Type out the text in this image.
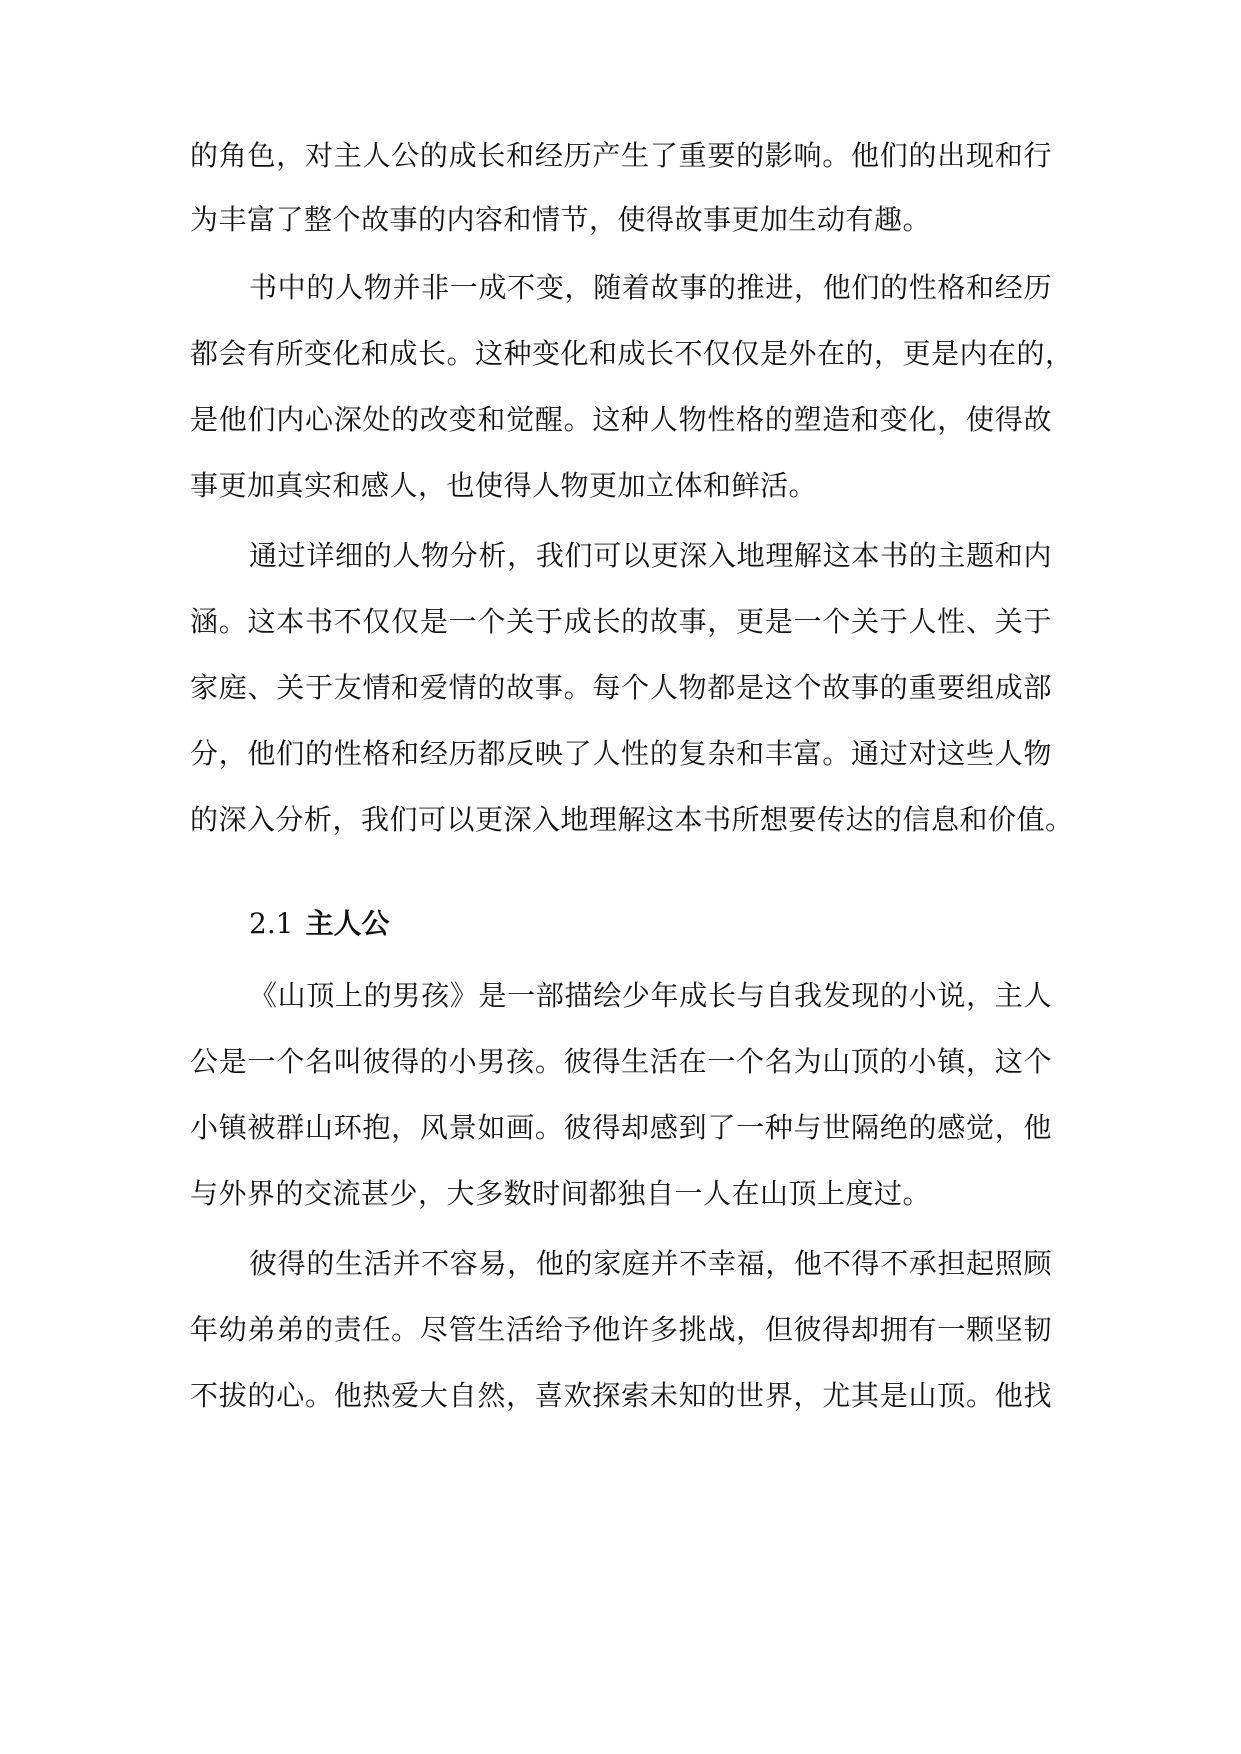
的角色，对主人公的成长和经历产生了重要的影响。他们的出现和行
为丰富了整个故事的内容和情节，使得故事更加生动有趣。
书中的人物并非一成不变，随着故事的推进，他们的性格和经历
都会有所变化和成长。这种变化和成长不仅仅是外在的，更是内在的，
是他们内心深处的改变和觉醒。这种人物性格的塑造和变化，使得故
事更加真实和感人，也使得人物更加立体和鲜活。
通过详细的人物分析，我们可以更深入地理解这本书的主题和内
涵。这本书不仅仅是一个关于成长的故事，更是一个关于人性、关于
家庭、关于友情和爱情的故事。每个人物都是这个故事的重要组成部
分，他们的性格和经历都反映了人性的复杂和丰富。通过对这些人物
的深入分析，我们可以更深入地理解这本书所想要传达的信息和价值。
2.1 主人公
《山顶上的男孩》是一部描绘少年成长与自我发现的小说，主人
公是一个名叫彼得的小男孩。彼得生活在一个名为山顶的小镇，这个
小镇被群山环抱，风景如画。彼得却感到了一种与世隔绝的感觉，他
与外界的交流甚少，大多数时间都独自一人在山顶上度过。
彼得的生活并不容易，他的家庭并不幸福，他不得不承担起照顾
年幼弟弟的责任。尽管生活给予他许多挑战，但彼得却拥有一颗坚韧
不拔的心。他热爱大自然，喜欢探索未知的世界，尤其是山顶。他找
